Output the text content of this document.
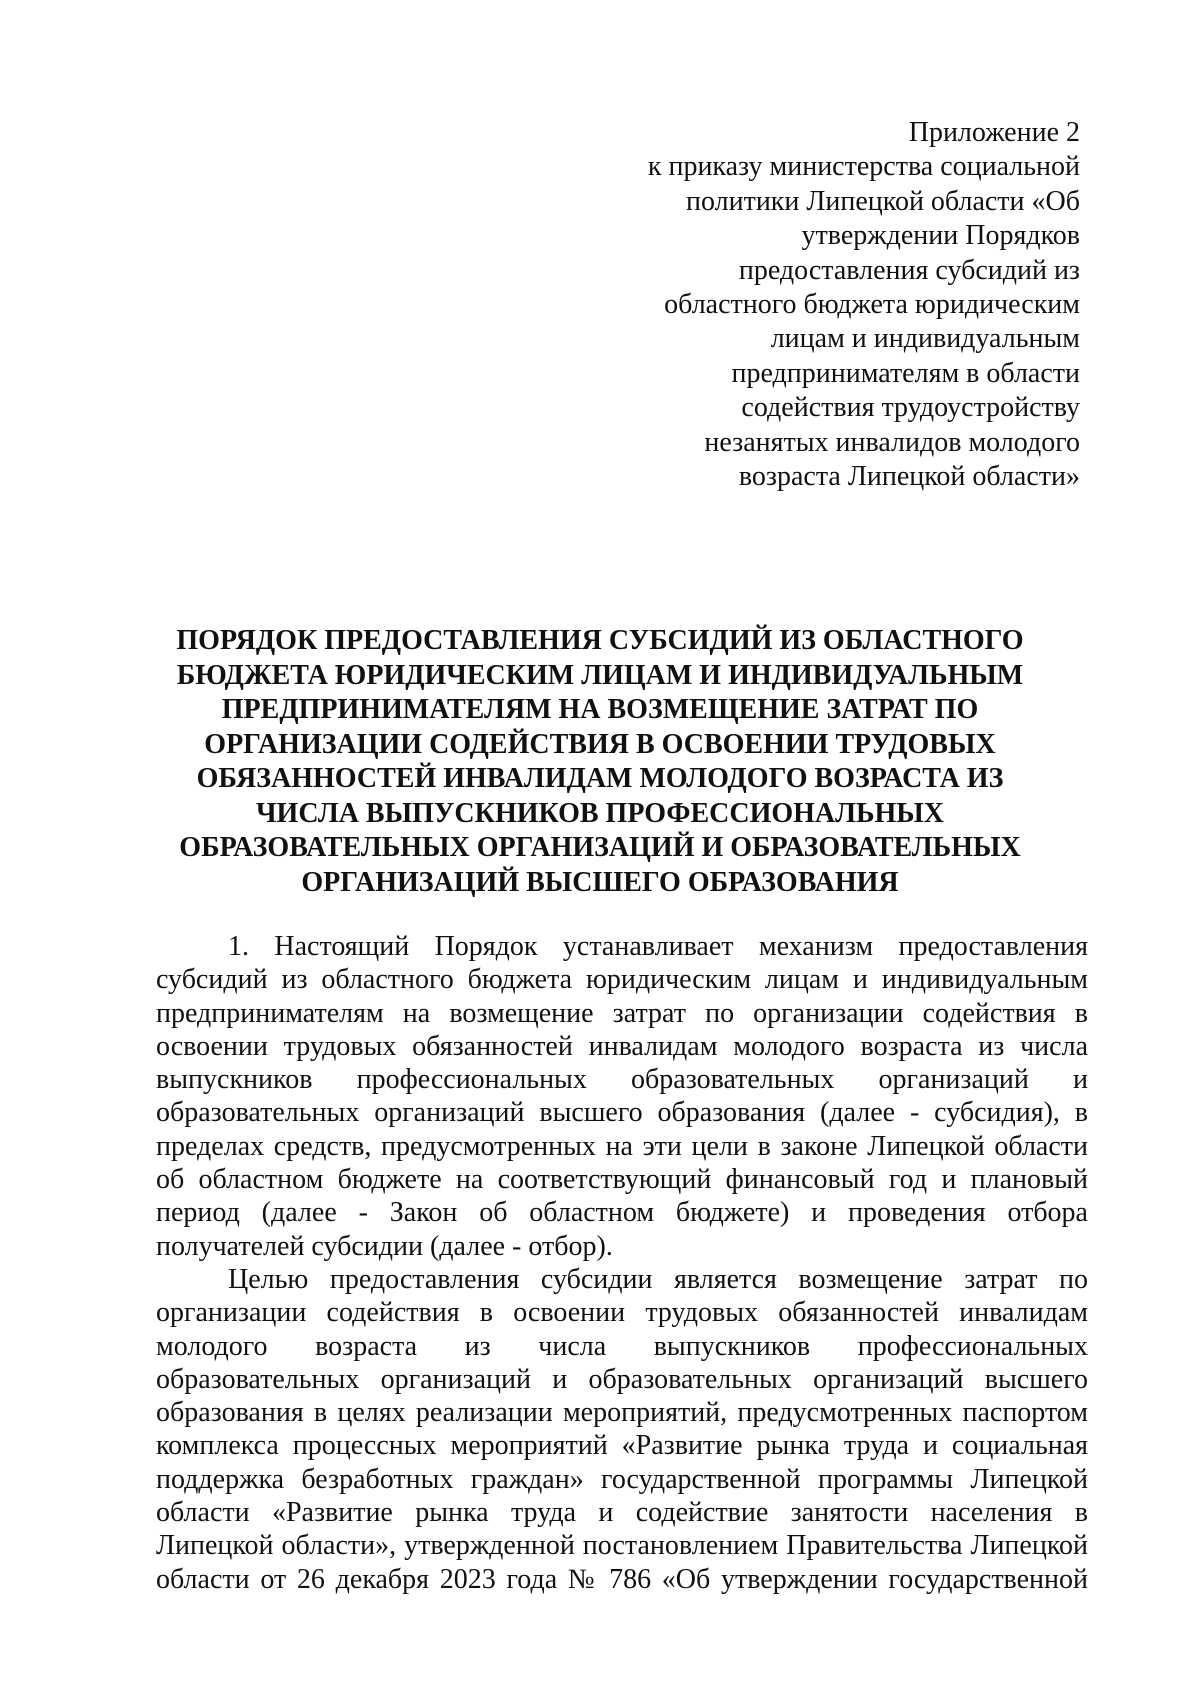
Приложение 2
к приказу министерства социальной
политики Липецкой области «Об
утверждении Порядков
предоставления субсидий из
областного бюджета юридическим
лицам и индивидуальным
предпринимателям в области
содействия трудоустройству
незанятых инвалидов молодого
возраста Липецкой области»
ПОРЯДОК ПРЕДОСТАВЛЕНИЯ СУБСИДИЙ ИЗ ОБЛАСТНОГО
БЮДЖЕТА ЮРИДИЧЕСКИМ ЛИЦАМ И ИНДИВИДУАЛЬНЫМ
ПРЕДПРИНИМАТЕЛЯМ НА ВОЗМЕЩЕНИЕ ЗАТРАТ ПО
ОРГАНИЗАЦИИ СОДЕЙСТВИЯ В ОСВОЕНИИ ТРУДОВЫХ
ОБЯЗАННОСТЕЙ ИНВАЛИДАМ МОЛОДОГО ВОЗРАСТА ИЗ
ЧИСЛА ВЫПУСКНИКОВ ПРОФЕССИОНАЛЬНЫХ
ОБРАЗОВАТЕЛЬНЫХ ОРГАНИЗАЦИЙ И ОБРАЗОВАТЕЛЬНЫХ
ОРГАНИЗАЦИЙ ВЫСШЕГО ОБРАЗОВАНИЯ
1. Настоящий Порядок устанавливает механизм предоставления
субсидий из областного бюджета юридическим лицам и индивидуальным
предпринимателям на возмещение затрат по организации содействия в
освоении трудовых обязанностей инвалидам молодого возраста из числа
выпускников профессиональных образовательных организаций и
образовательных организаций высшего образования (далее - субсидия), в
пределах средств, предусмотренных на эти цели в законе Липецкой области
об областном бюджете на соответствующий финансовый год и плановый
период (далее - Закон об областном бюджете) и проведения отбора
получателей субсидии (далее - отбор).
Целью предоставления субсидии является возмещение затрат по
организации содействия в освоении трудовых обязанностей инвалидам
молодого возраста из числа выпускников профессиональных
образовательных организаций и образовательных организаций высшего
образования в целях реализации мероприятий, предусмотренных паспортом
комплекса процессных мероприятий «Развитие рынка труда и социальная
поддержка безработных граждан» государственной программы Липецкой
области «Развитие рынка труда и содействие занятости населения в
Липецкой области», утвержденной постановлением Правительства Липецкой
области от 26 декабря 2023 года № 786 «Об утверждении государственной
